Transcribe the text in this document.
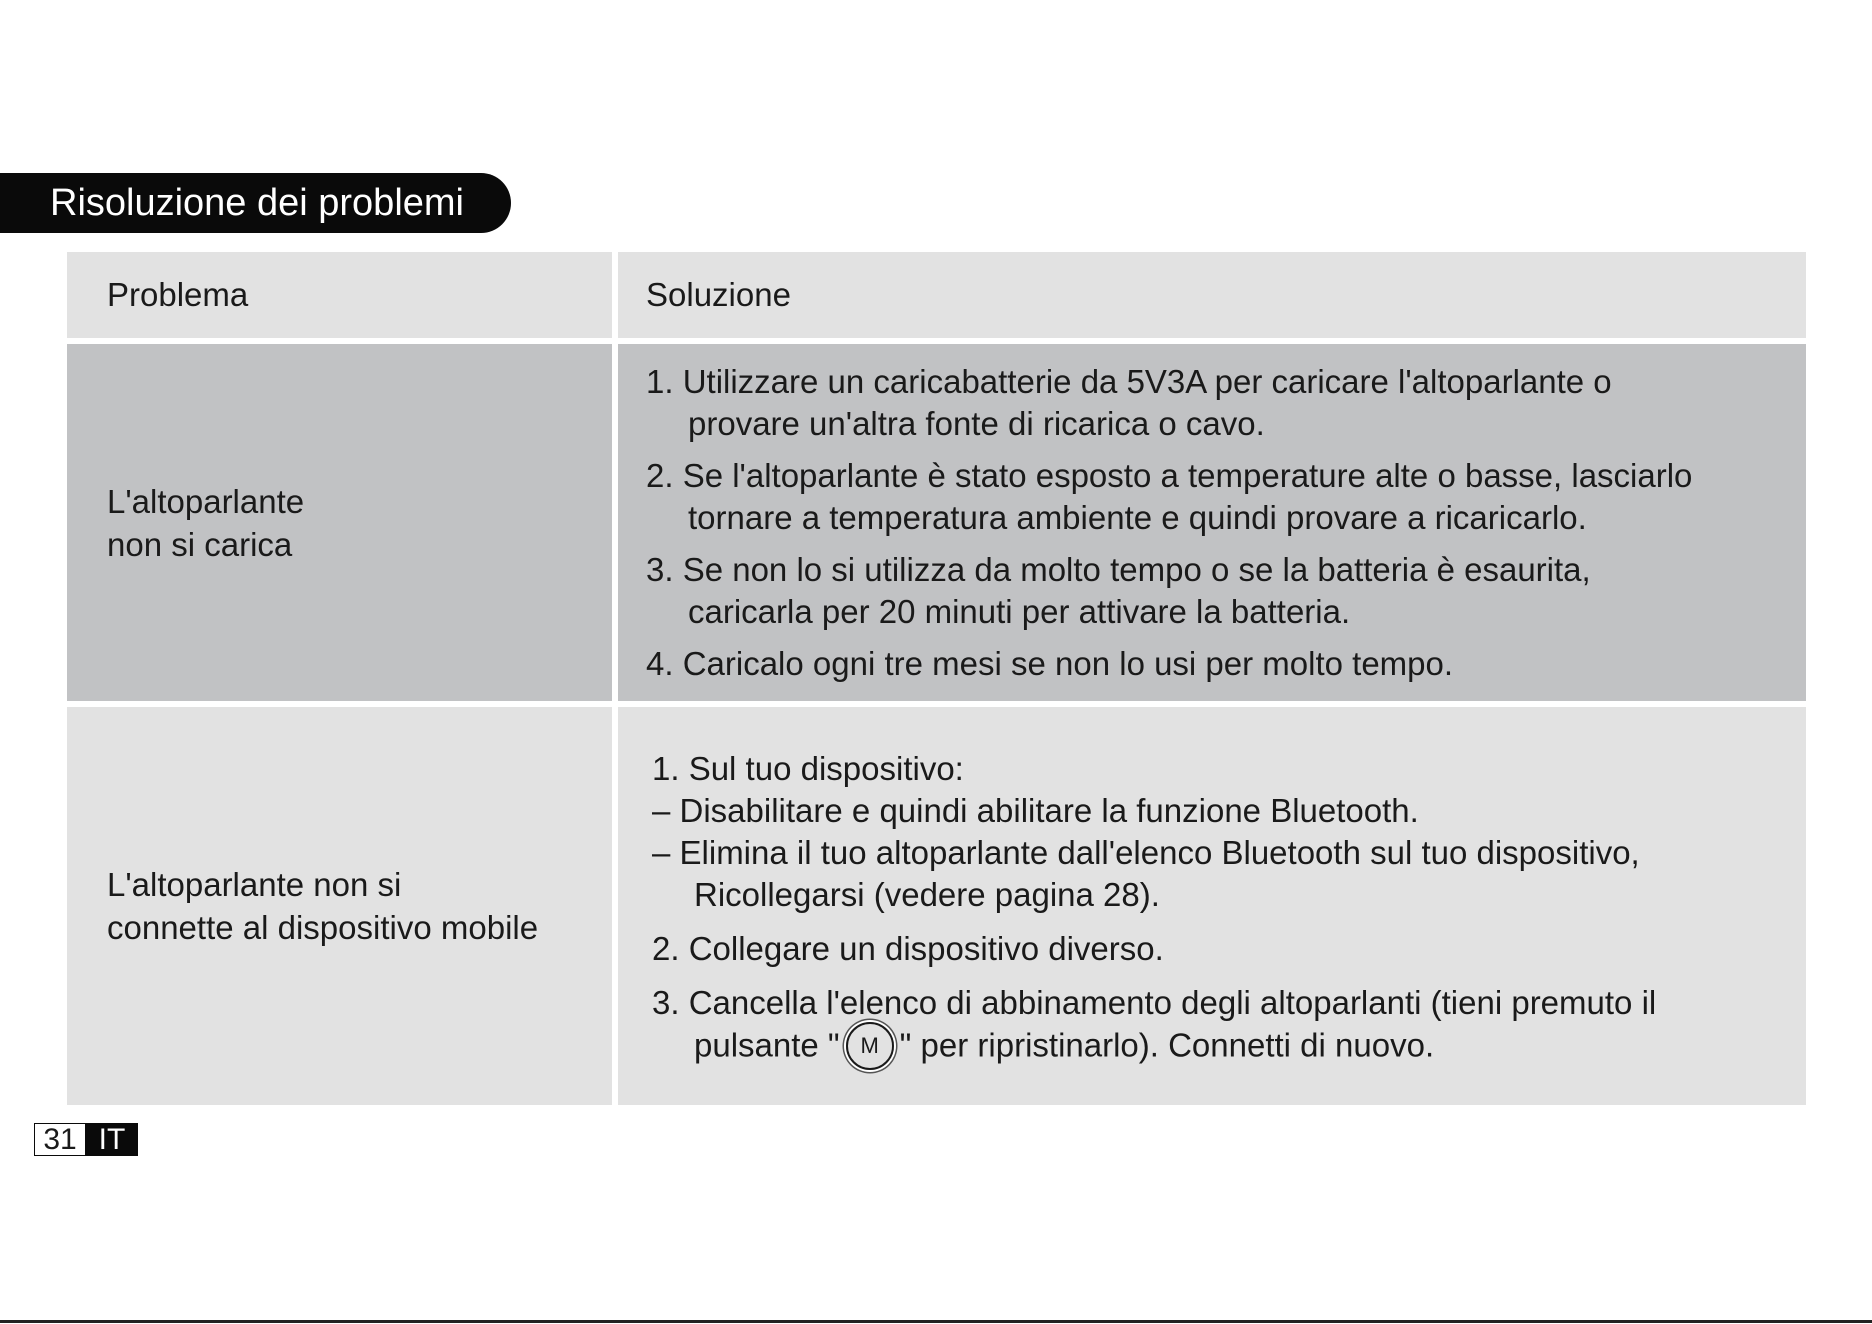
Risoluzione dei problemi
Problema	Soluzione
L'altoparlante
non si carica
1. Utilizzare un caricabatterie da 5V3A per caricare l'altoparlante o
provare un'altra fonte di ricarica o cavo.
2. Se l'altoparlante è stato esposto a temperature alte o basse, lasciarlo
tornare a temperatura ambiente e quindi provare a ricaricarlo.
3. Se non lo si utilizza da molto tempo o se la batteria è esaurita,
caricarla per 20 minuti per attivare la batteria.
4. Caricalo ogni tre mesi se non lo usi per molto tempo.
L'altoparlante non si
connette al dispositivo mobile
1. Sul tuo dispositivo:
– Disabilitare e quindi abilitare la funzione Bluetooth.
– Elimina il tuo altoparlante dall'elenco Bluetooth sul tuo dispositivo,
Ricollegarsi (vedere pagina 28).
2. Collegare un dispositivo diverso.
3. Cancella l'elenco di abbinamento degli altoparlanti (tieni premuto il
pulsante " M " per ripristinarlo). Connetti di nuovo.
31 IT
